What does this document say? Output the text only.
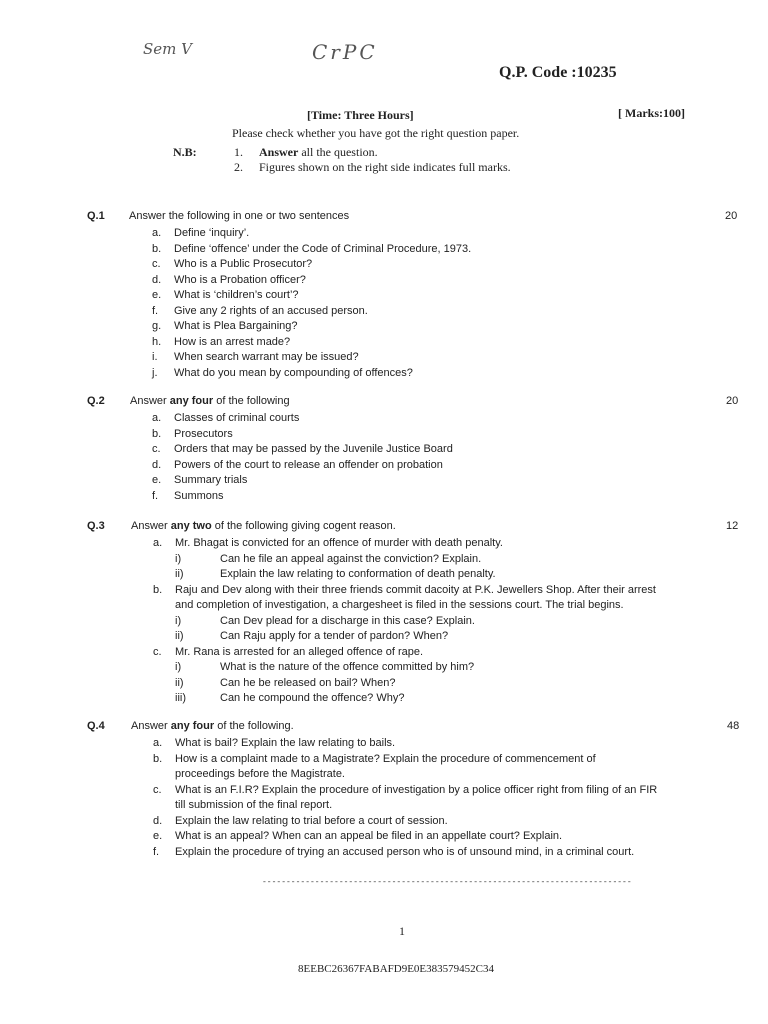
Sem V	CrPC
Q.P. Code :10235
[Time: Three Hours]	[ Marks:100]
Please check whether you have got the right question paper.
N.B:	1. Answer all the question.
2. Figures shown on the right side indicates full marks.
Q.1	20
Answer the following in one or two sentences
a. Define ‘inquiry’.
b. Define ‘offence’ under the Code of Criminal Procedure, 1973.
c. Who is a Public Prosecutor?
d. Who is a Probation officer?
e. What is ‘children’s court’?
f. Give any 2 rights of an accused person.
g. What is Plea Bargaining?
h. How is an arrest made?
i. When search warrant may be issued?
j. What do you mean by compounding of offences?
Q.2	20
Answer any four of the following
a. Classes of criminal courts
b. Prosecutors
c. Orders that may be passed by the Juvenile Justice Board
d. Powers of the court to release an offender on probation
e. Summary trials
f. Summons
Q.3	12
Answer any two of the following giving cogent reason.
a. Mr. Bhagat is convicted for an offence of murder with death penalty.
i)	Can he file an appeal against the conviction? Explain.
ii)	Explain the law relating to conformation of death penalty.
b. Raju and Dev along with their three friends commit dacoity at P.K. Jewellers Shop. After their arrest
and completion of investigation, a chargesheet is filed in the sessions court. The trial begins.
i)	Can Dev plead for a discharge in this case? Explain.
ii)	Can Raju apply for a tender of pardon? When?
c. Mr. Rana is arrested for an alleged offence of rape.
i)	What is the nature of the offence committed by him?
ii)	Can he be released on bail? When?
iii)	Can he compound the offence? Why?
Q.4	48
Answer any four of the following.
a. What is bail? Explain the law relating to bails.
b. How is a complaint made to a Magistrate? Explain the procedure of commencement of
proceedings before the Magistrate.
c. What is an F.I.R? Explain the procedure of investigation by a police officer right from filing of an FIR
till submission of the final report.
d. Explain the law relating to trial before a court of session.
e. What is an appeal? When can an appeal be filed in an appellate court? Explain.
f. Explain the procedure of trying an accused person who is of unsound mind, in a criminal court.
-----------------------------------------------------------------------------
1
8EEBC26367FABAFD9E0E383579452C34
